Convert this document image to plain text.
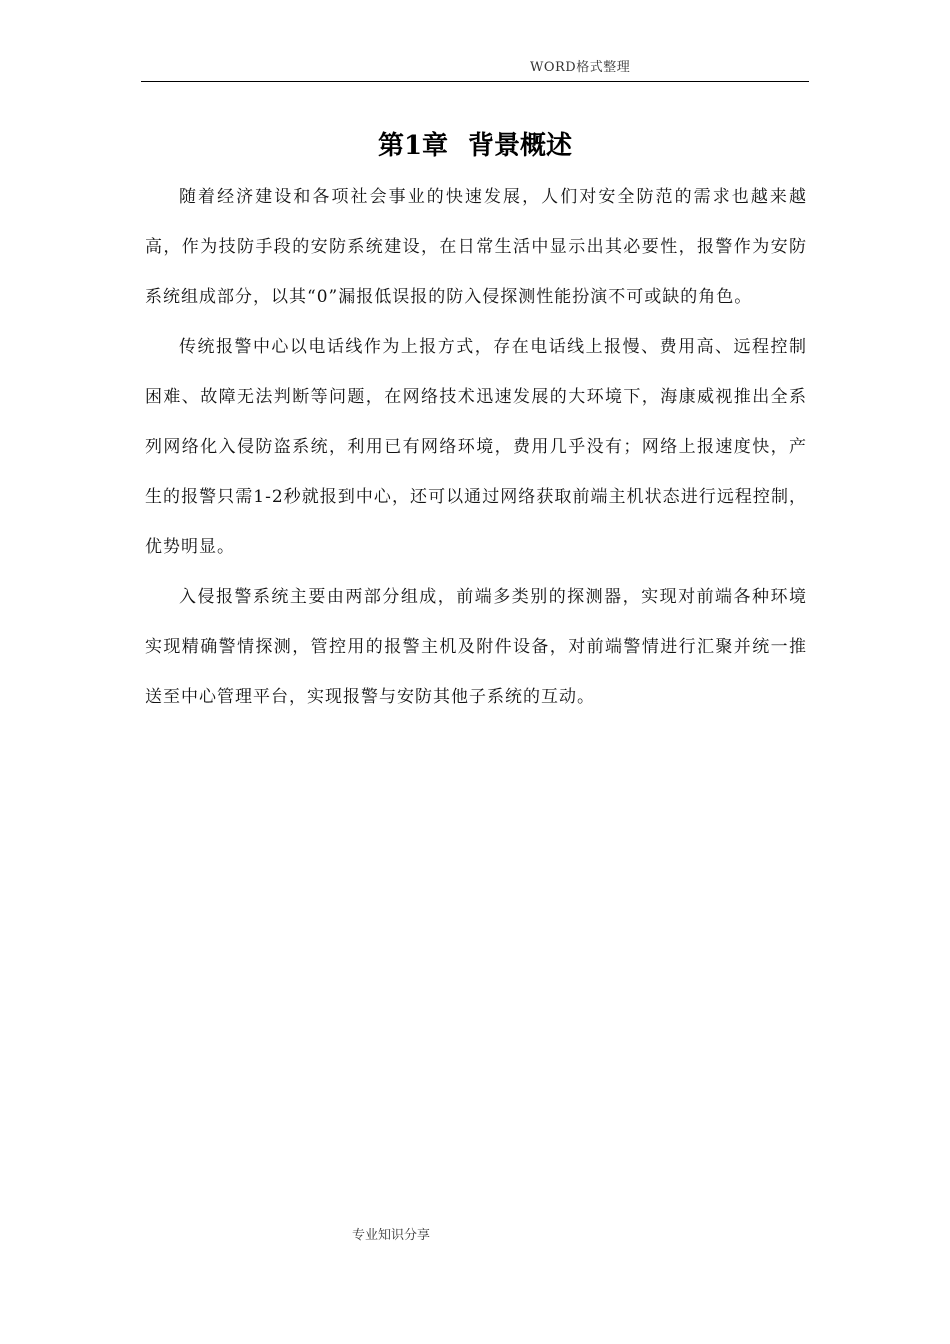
WORD格式整理
第1章 背景概述

随着经济建设和各项社会事业的快速发展，人们对安全防范的需求也越来越高，作为技防手段的安防系统建设，在日常生活中显示出其必要性，报警作为安防系统组成部分，以其“0”漏报低误报的防入侵探测性能扮演不可或缺的角色。

传统报警中心以电话线作为上报方式，存在电话线上报慢、费用高、远程控制困难、故障无法判断等问题，在网络技术迅速发展的大环境下，海康威视推出全系列网络化入侵防盗系统，利用已有网络环境，费用几乎没有；网络上报速度快，产生的报警只需1-2秒就报到中心，还可以通过网络获取前端主机状态进行远程控制，优势明显。

入侵报警系统主要由两部分组成，前端多类别的探测器，实现对前端各种环境实现精确警情探测，管控用的报警主机及附件设备，对前端警情进行汇聚并统一推送至中心管理平台，实现报警与安防其他子系统的互动。

专业知识分享
